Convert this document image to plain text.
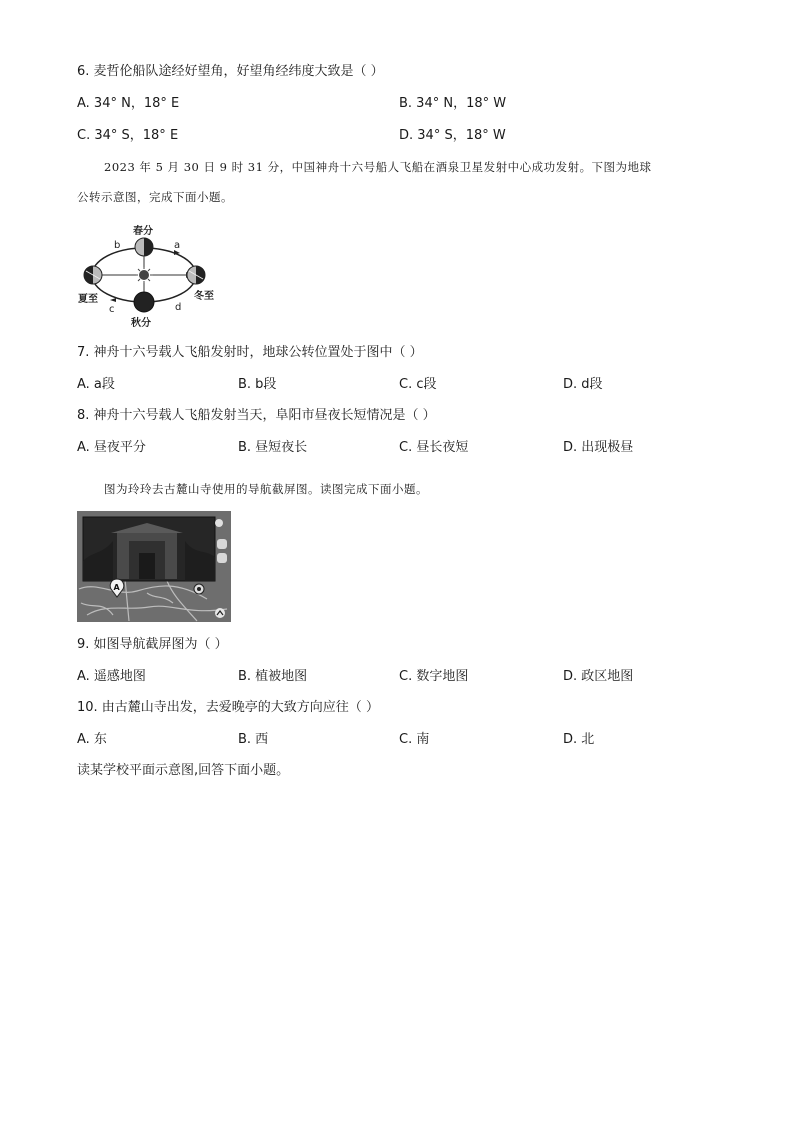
6. 麦哲伦船队途经好望角，好望角经纬度大致是（ ）
A. 34° N，18° E	B. 34° N，18° W
C. 34° S，18° E	D. 34° S，18° W
2023 年 5 月 30 日 9 时 31 分，中国神舟十六号船人飞船在酒泉卫星发射中心成功发射。下图为地球
公转示意图，完成下面小题。
春分
夏至	冬至
秋分
a
b
c	d
7. 神舟十六号载人飞船发射时，地球公转位置处于图中（ ）
A. a段	B. b段	C. c段	D. d段
8. 神舟十六号载人飞船发射当天，阜阳市昼夜长短情况是（ ）
A. 昼夜平分	B. 昼短夜长	C. 昼长夜短	D. 出现极昼
图为玲玲去古麓山寺使用的导航截屏图。读图完成下面小题。
A
9. 如图导航截屏图为（ ）
A. 遥感地图	B. 植被地图	C. 数字地图	D. 政区地图
10. 由古麓山寺出发，去爱晚亭的大致方向应往（ ）
A. 东	B. 西	C. 南	D. 北
读某学校平面示意图,回答下面小题。
